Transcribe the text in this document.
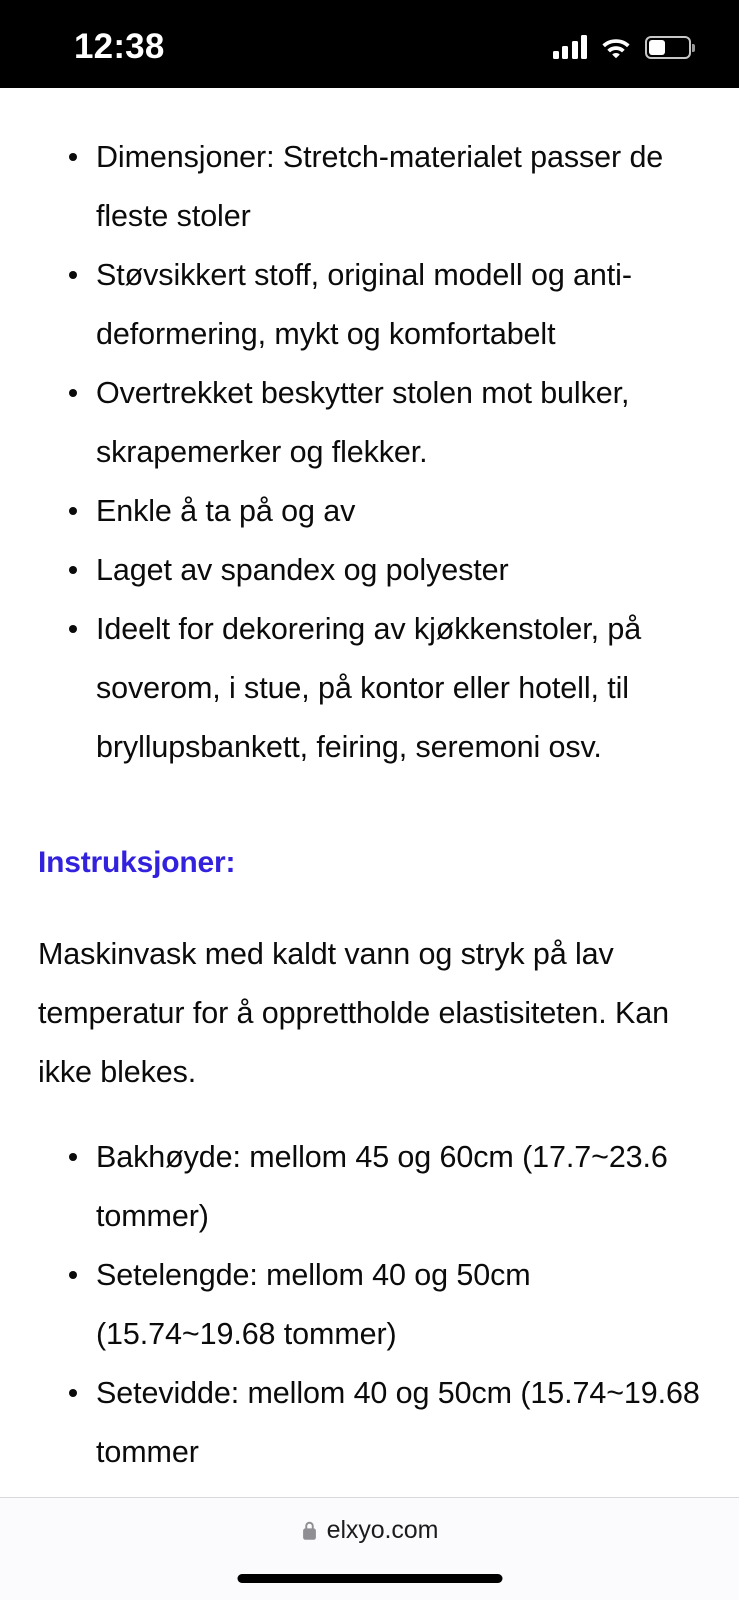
12:38
Dimensjoner: Stretch-materialet passer de fleste stoler
Støvsikkert stoff, original modell og anti-deformering, mykt og komfortabelt
Overtrekket beskytter stolen mot bulker, skrapemerker og flekker.
Enkle å ta på og av
Laget av spandex og polyester
Ideelt for dekorering av kjøkkenstoler, på soverom, i stue, på kontor eller hotell, til bryllupsbankett, feiring, seremoni osv.
Instruksjoner:

Maskinvask med kaldt vann og stryk på lav temperatur for å opprettholde elastisiteten. Kan ikke blekes.

Bakhøyde: mellom 45 og 60cm (17.7~23.6 tommer)
Setelengde: mellom 40 og 50cm (15.74~19.68 tommer)
Setevidde: mellom 40 og 50cm (15.74~19.68 tommer
elxyo.com
